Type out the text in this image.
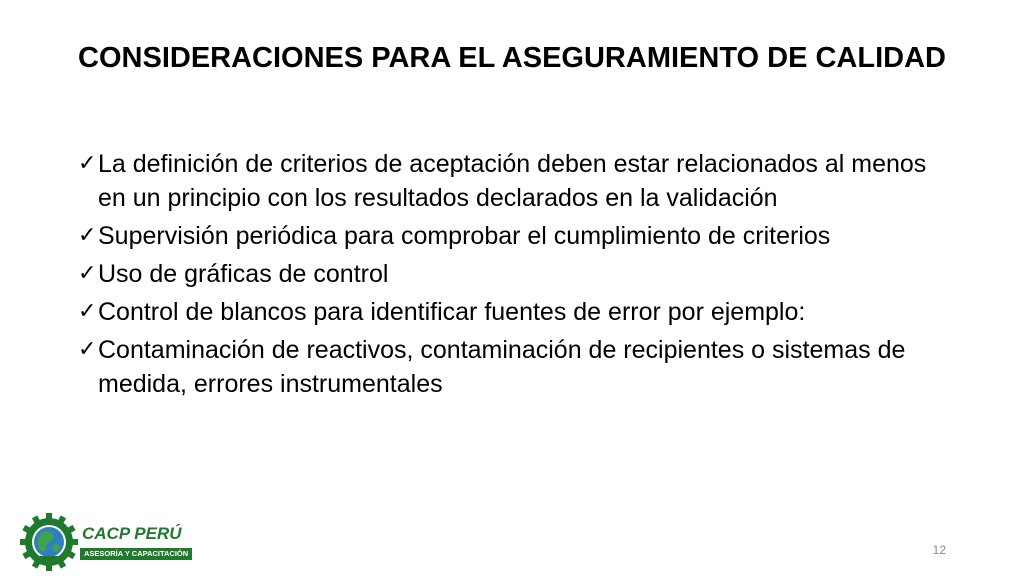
CONSIDERACIONES PARA EL ASEGURAMIENTO DE CALIDAD
✓ La definición de criterios de aceptación deben estar relacionados al menos en un principio con los resultados declarados en la validación
✓ Supervisión periódica para comprobar el cumplimiento de criterios
✓ Uso de gráficas de control
✓ Control de blancos para identificar fuentes de error por ejemplo:
✓ Contaminación de reactivos, contaminación de recipientes o sistemas de medida, errores instrumentales
CACP PERÚ
ASESORÍA Y CAPACITACIÓN	12
